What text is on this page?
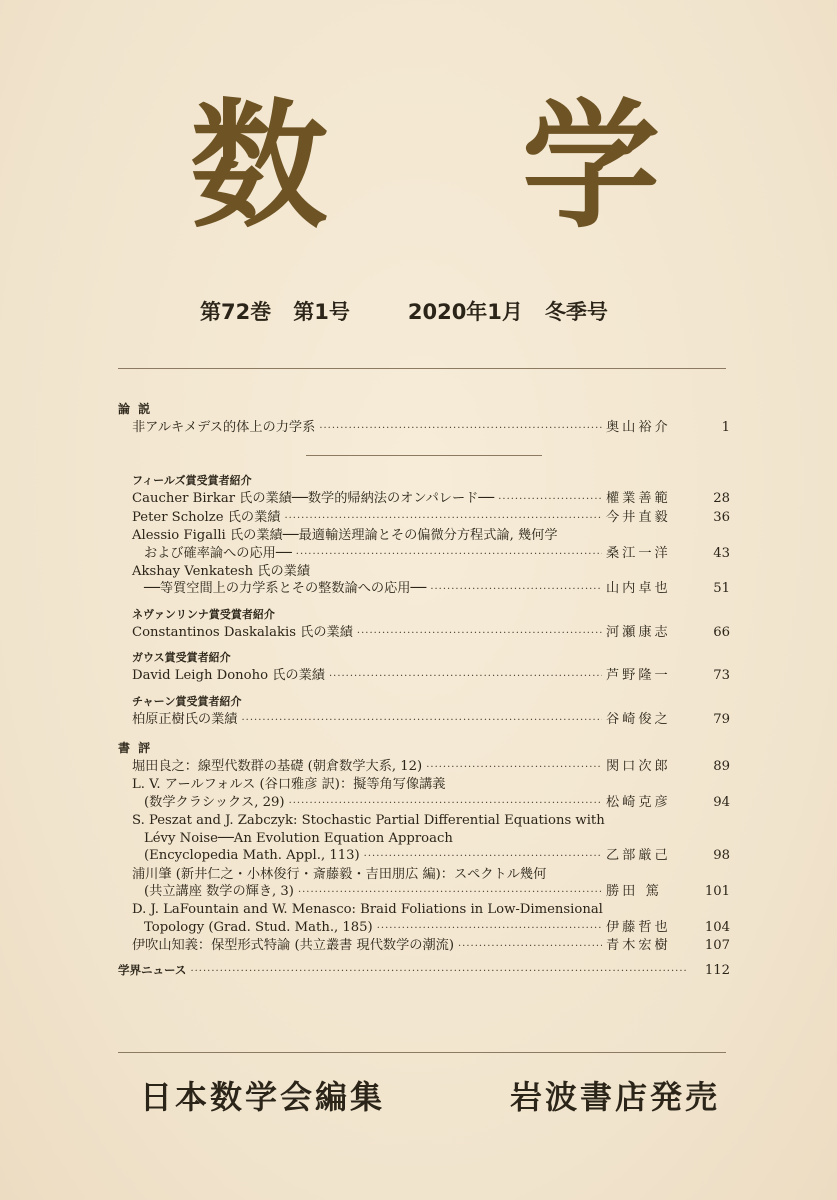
数 学
第72巻 第1号	2020年1月 冬季号
論 説
非アルキメデス的体上の力学系 ·····	奥山裕介	1
フィールズ賞受賞者紹介
Caucher Birkar 氏の業績──数学的帰納法のオンパレード── ·····	權業善範	28
Peter Scholze 氏の業績 ·····	今井直毅	36
Alessio Figalli 氏の業績──最適輸送理論とその偏微分方程式論, 幾何学
および確率論への応用── ·····	桑江一洋	43
Akshay Venkatesh 氏の業績
──等質空間上の力学系とその整数論への応用── ·····	山内卓也	51
ネヴァンリンナ賞受賞者紹介
Constantinos Daskalakis 氏の業績 ·····	河瀬康志	66
ガウス賞受賞者紹介
David Leigh Donoho 氏の業績 ·····	芦野隆一	73
チャーン賞受賞者紹介
柏原正樹氏の業績 ·····	谷崎俊之	79
書 評
堀田良之：線型代数群の基礎 (朝倉数学大系, 12) ·····	関口次郎	89
L. V. アールフォルス (谷口雅彦 訳)：擬等角写像講義
(数学クラシックス, 29) ·····	松崎克彦	94
S. Peszat and J. Zabczyk: Stochastic Partial Differential Equations with
Lévy Noise──An Evolution Equation Approach
(Encyclopedia Math. Appl., 113) ·····	乙部厳己	98
浦川肇 (新井仁之・小林俊行・斎藤毅・吉田朋広 編)：スペクトル幾何
(共立講座 数学の輝き, 3) ·····	勝田 篤	101
D. J. LaFountain and W. Menasco: Braid Foliations in Low-Dimensional
Topology (Grad. Stud. Math., 185) ·····	伊藤哲也	104
伊吹山知義：保型形式特論 (共立叢書 現代数学の潮流) ·····	青木宏樹	107
学界ニュース ·····	112
日本数学会編集	岩波書店発売
